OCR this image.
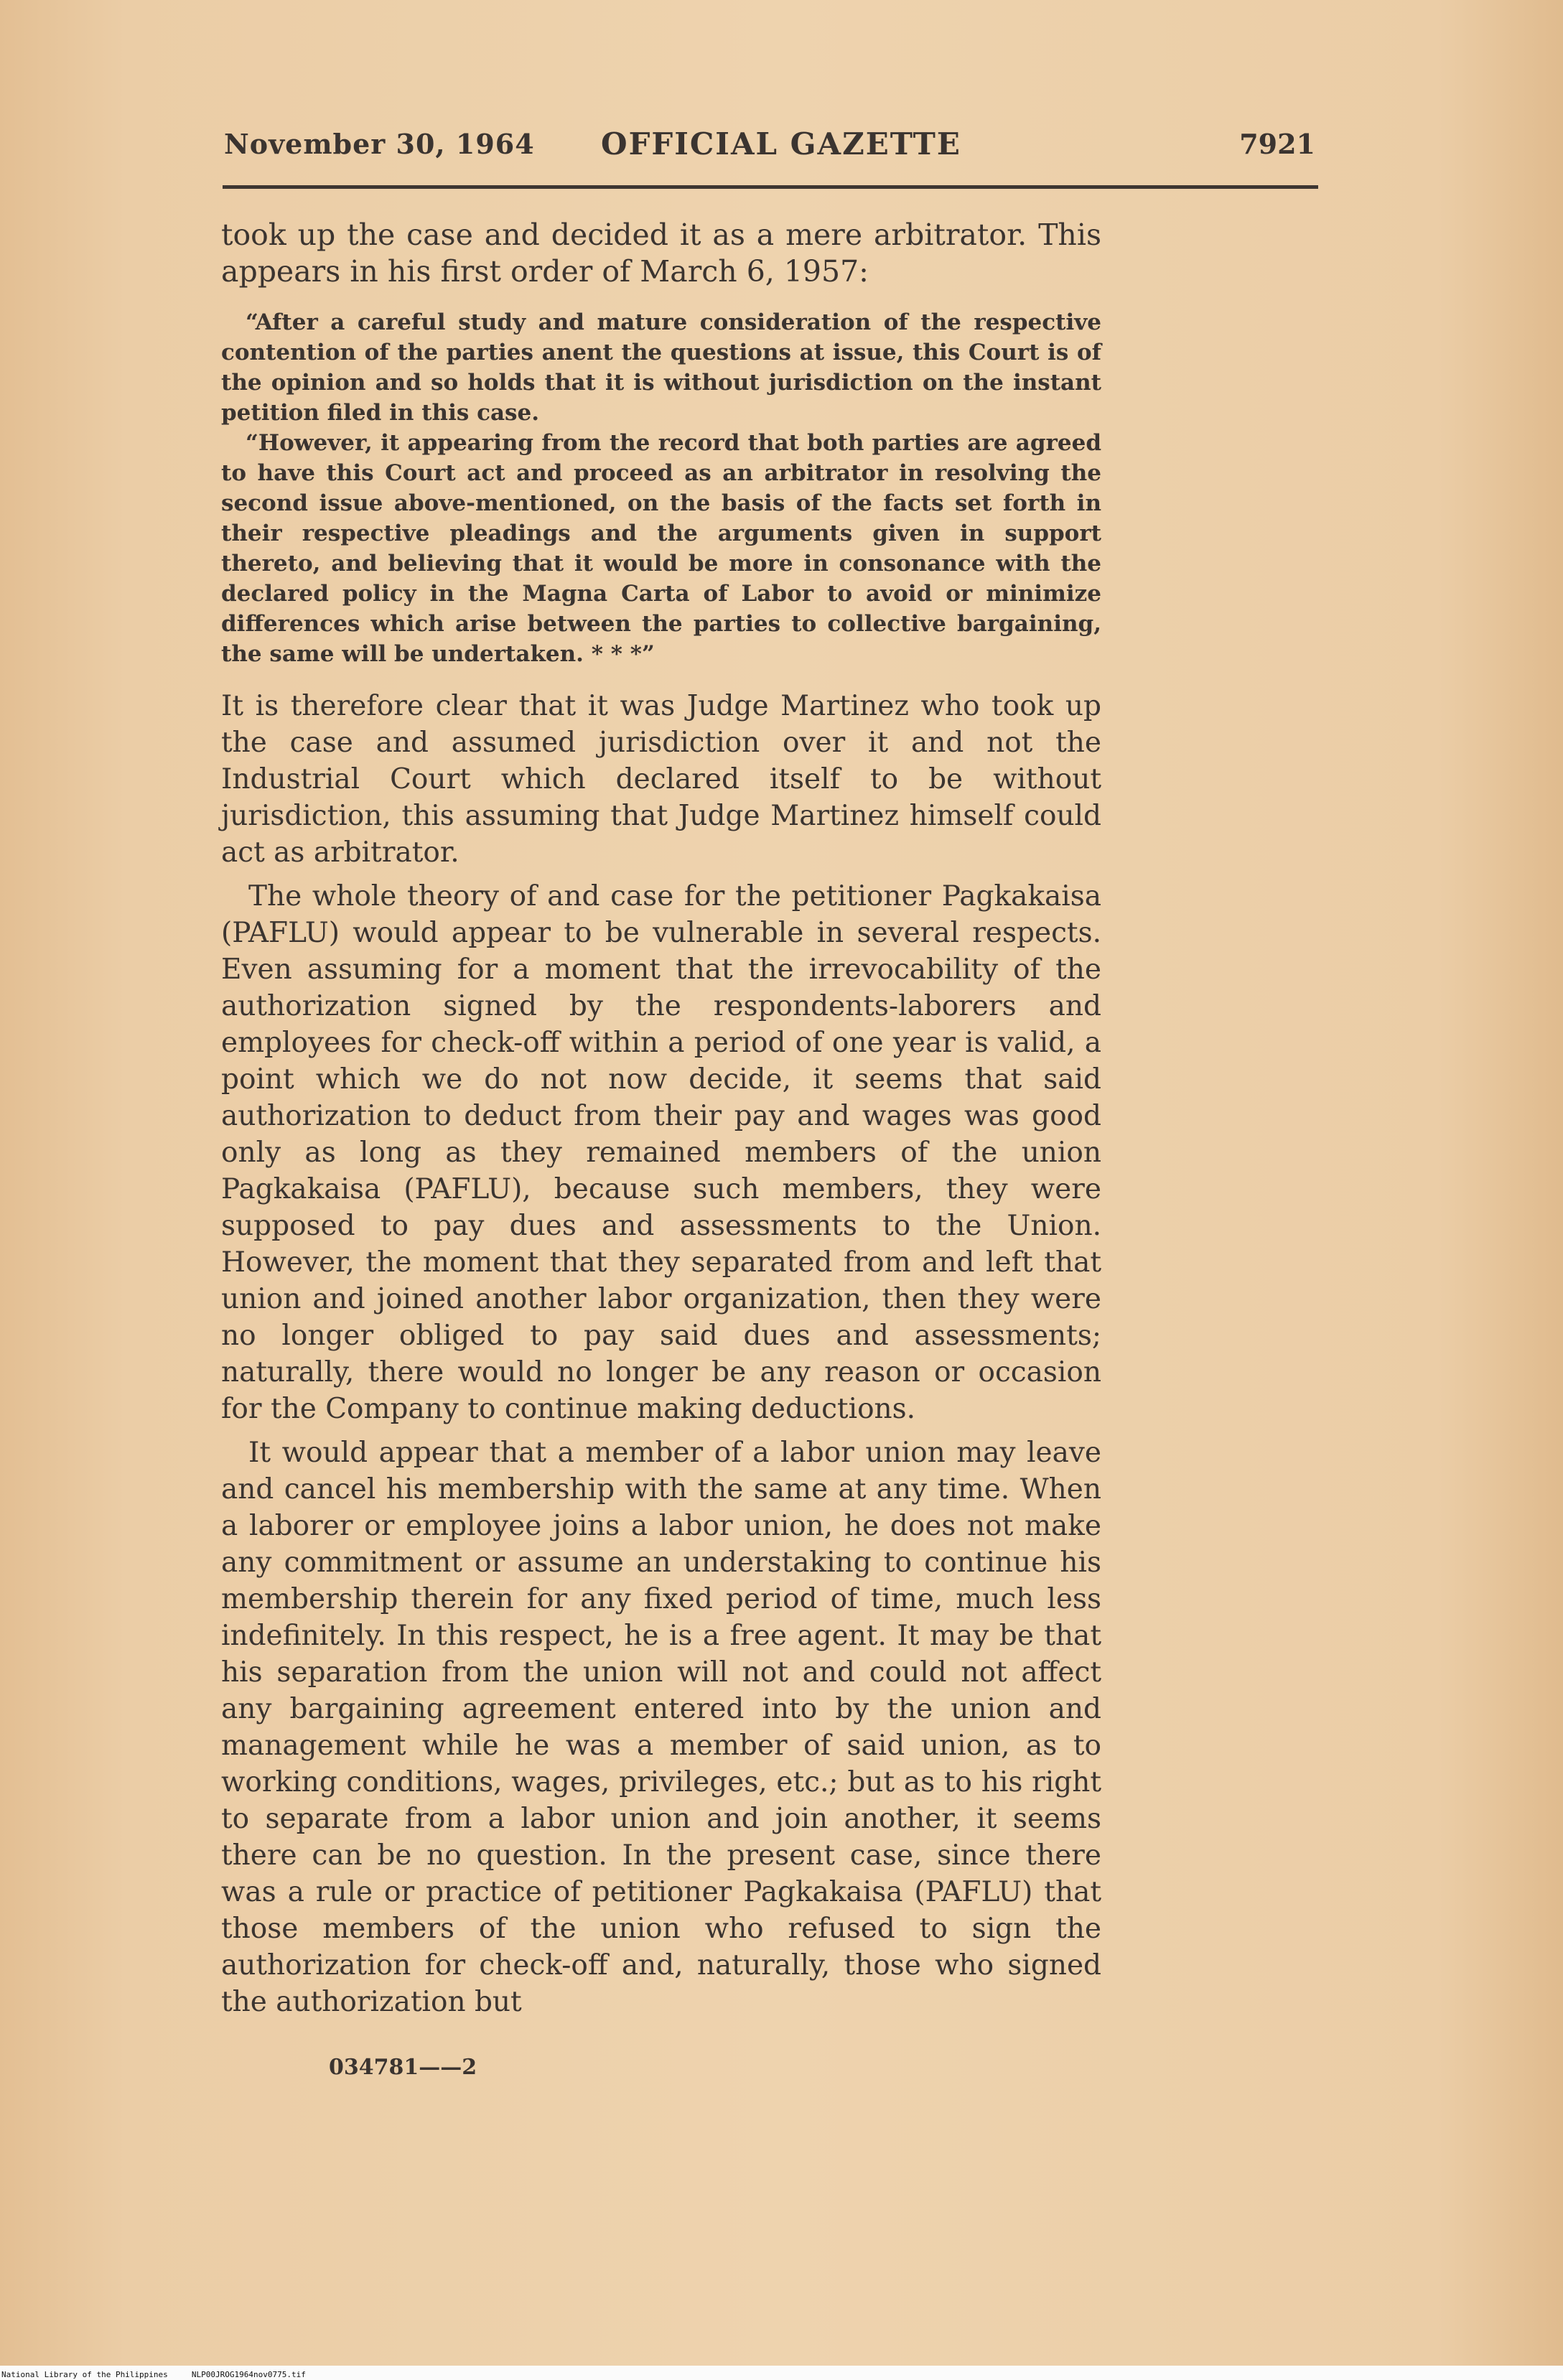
November 30, 1964 OFFICIAL GAZETTE	7921

took up the case and decided it as a mere arbitrator. This appears in his first order of March 6, 1957:

“After a careful study and mature consideration of the respective contention of the parties anent the questions at issue, this Court is of the opinion and so holds that it is without jurisdiction on the instant petition filed in this case.

“However, it appearing from the record that both parties are agreed to have this Court act and proceed as an arbitrator in resolving the second issue above-mentioned, on the basis of the facts set forth in their respective pleadings and the arguments given in support thereto, and believing that it would be more in consonance with the declared policy in the Magna Carta of Labor to avoid or minimize differences which arise between the parties to collective bargaining, the same will be undertaken. * * *”

It is therefore clear that it was Judge Martinez who took up the case and assumed jurisdiction over it and not the Industrial Court which declared itself to be without jurisdiction, this assuming that Judge Martinez himself could act as arbitrator.

The whole theory of and case for the petitioner Pagkakaisa (PAFLU) would appear to be vulnerable in several respects. Even assuming for a moment that the irrevocability of the authorization signed by the respondents-laborers and employees for check-off within a period of one year is valid, a point which we do not now decide, it seems that said authorization to deduct from their pay and wages was good only as long as they remained members of the union Pagkakaisa (PAFLU), because such members, they were supposed to pay dues and assessments to the Union. However, the moment that they separated from and left that union and joined another labor organization, then they were no longer obliged to pay said dues and assessments; naturally, there would no longer be any reason or occasion for the Company to continue making deductions.

It would appear that a member of a labor union may leave and cancel his membership with the same at any time. When a laborer or employee joins a labor union, he does not make any commitment or assume an understaking to continue his membership therein for any fixed period of time, much less indefinitely. In this respect, he is a free agent. It may be that his separation from the union will not and could not affect any bargaining agreement entered into by the union and management while he was a member of said union, as to working conditions, wages, privileges, etc.; but as to his right to separate from a labor union and join another, it seems there can be no question. In the present case, since there was a rule or practice of petitioner Pagkakaisa (PAFLU) that those members of the union who refused to sign the authorization for check-off and, naturally, those who signed the authorization but

034781——2
National Library of the Philippines     NLP00JROG1964nov0775.tif
